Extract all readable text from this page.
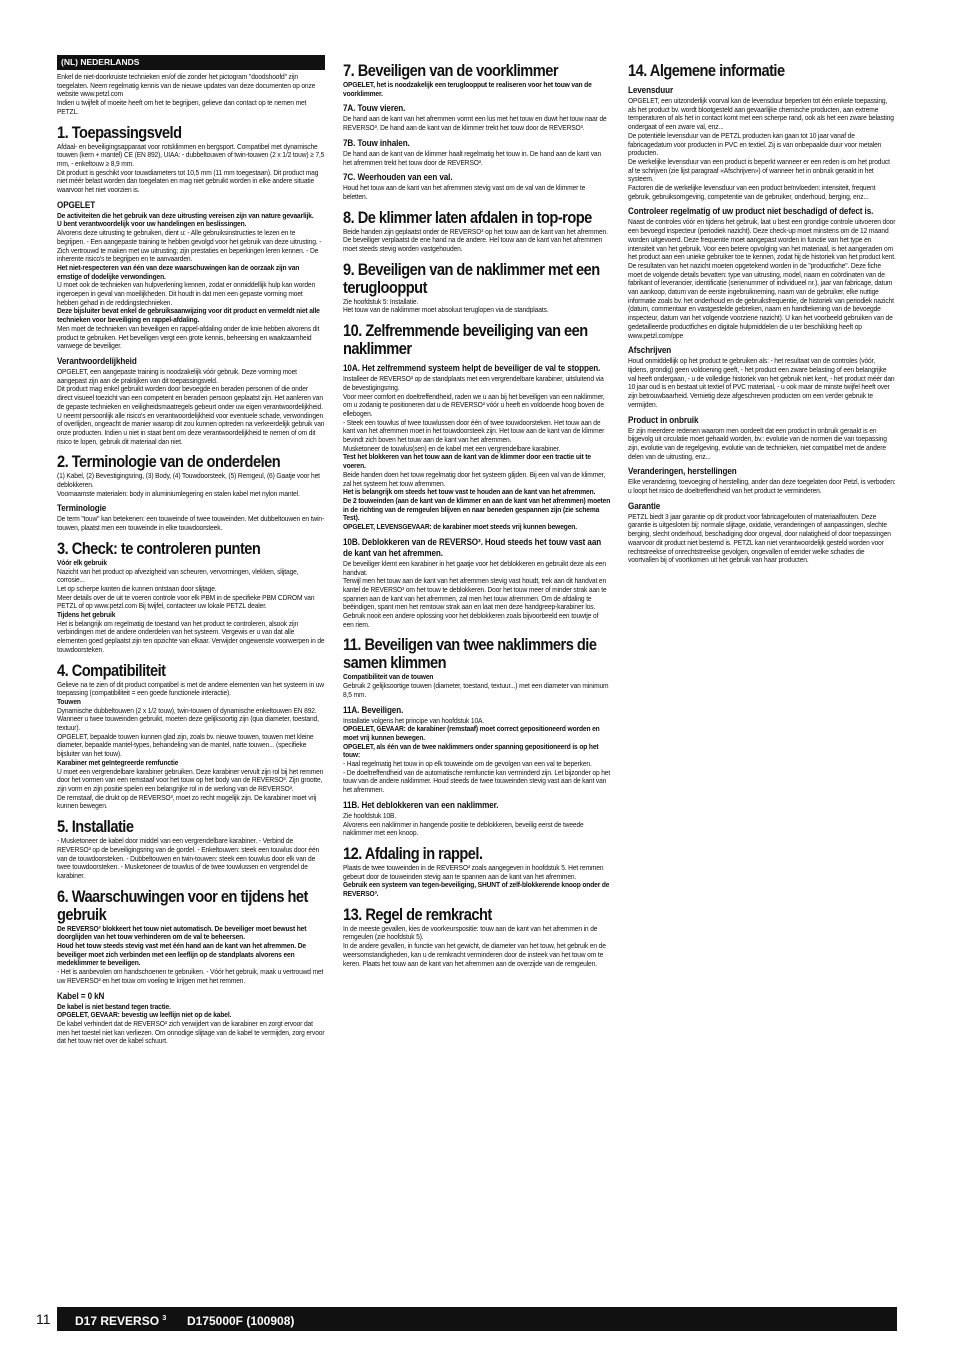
(NL) NEDERLANDS

Enkel de niet-doorkruiste technieken en/of die zonder het pictogram "doodshoofd" zijn toegelaten. Neem regelmatig kennis van de nieuwe updates van deze documenten op onze website www.petzl.com

Indien u twijfelt of moeite heeft om het te begrijpen, gelieve dan contact op te nemen met PETZL.

1. Toepassingsveld

Afdaal- en beveiligingsapparaat voor rotsklimmen en bergsport. Compatibel met dynamische touwen (kern + mantel) CE (EN 892), UIAA: - dubbeltouwen of twin-touwen (2 x 1/2 touw) ≥ 7,5 mm, - enkeltouw ≥ 8,9 mm.

Dit product is geschikt voor touwdiameters tot 10,5 mm (11 mm toegestaan). Dit product mag niet méér belast worden dan toegelaten en mag niet gebruikt worden in elke andere situatie waarvoor het niet voorzien is.

OPGELET

De activiteiten die het gebruik van deze uitrusting vereisen zijn van nature gevaarlijk.

U bent verantwoordelijk voor uw handelingen en beslissingen.

Alvorens deze uitrusting te gebruiken, dient u: - Alle gebruiksinstructies te lezen en te begrijpen. - Een aangepaste training te hebben gevolgd voor het gebruik van deze uitrusting. - Zich vertrouwd te maken met uw uitrusting; zijn prestaties en beperkingen leren kennen. - De inherente risico's te begrijpen en te aanvaarden.

Het niet-respecteren van één van deze waarschuwingen kan de oorzaak zijn van ernstige of dodelijke verwondingen.

U moet ook de technieken van hulpverlening kennen, zodat er onmiddellijk hulp kan worden ingeroepen in geval van moeilijkheden. Dit houdt in dat men een gepaste vorming moet hebben gehad in de reddingstechnieken.

Deze bijsluiter bevat enkel de gebruiksaanwijzing voor dit product en vermeldt niet alle technieken voor beveiliging en rappel-afdaling.

Men moet de technieken van beveiligen en rappel-afdaling onder de knie hebben alvorens dit product te gebruiken. Het beveiligen vergt een grote kennis, beheersing en waakzaamheid vanwege de beveiliger.

Verantwoordelijkheid

OPGELET, een aangepaste training is noodzakelijk vóór gebruik. Deze vorming moet aangepast zijn aan de praktijken van dit toepassingsveld.

Dit product mag enkel gebruikt worden door bevoegde en beraden personen of die onder direct visueel toezicht van een competent en beraden persoon geplaatst zijn. Het aanleren van de gepaste technieken en veiligheidsmaatregels gebeurt onder uw eigen verantwoordelijkheid.

U neemt persoonlijk alle risico's en verantwoordelijkheid voor eventuele schade, verwondingen of overlijden, ongeacht de manier waarop dit zou kunnen optreden na verkeerdelijk gebruik van onze producten. Indien u niet in staat bent om deze verantwoordelijkheid te nemen of om dit risico te lopen, gebruik dit materiaal dan niet.

2. Terminologie van de onderdelen

(1) Kabel, (2) Bevestigingsring, (3) Body, (4) Touwdoorsteek, (5) Remgeul, (6) Gaatje voor het deblokkeren.

Voornaamste materialen: body in aluminiumlegering en stalen kabel met nylon mantel.

Terminologie

De term "touw" kan betekenen: een touweinde of twee touweinden. Met dubbeltouwen en twin-touwen, plaatst men een touweinde in elke touwdoorsteek.

3. Check: te controleren punten

Vóór elk gebruik

Nazicht van het product op afvezigheid van scheuren, vervormingen, vlekken, slijtage, corrosie...

Let op scherpe kanten die kunnen ontstaan door slijtage.

Meer details over de uit te voeren controle voor elk PBM in de specifieke PBM CDROM van PETZL of op www.petzl.com Bij twijfel, contacteer uw lokale PETZL dealer.

Tijdens het gebruik

Het is belangrijk om regelmatig de toestand van het product te controleren, alsook zijn verbindingen met de andere onderdelen van het systeem. Vergewis er u van dat alle elementen goed geplaatst zijn ten opzichte van elkaar. Verwijder ongewenste voorwerpen in de touwdoorsteken.

4. Compatibiliteit

Gelieve na te zien of dit product compatibel is met de andere elementen van het systeem in uw toepassing (compatibiliteit = een goede functionele interactie).

Touwen

Dynamische dubbeltouwen (2 x 1/2 touw), twin-touwen of dynamische enkeltouwen EN 892.

Wanneer u twee touweinden gebruikt, moeten deze gelijksoortig zijn (qua diameter, toestand, textuur).

OPGELET, bepaalde touwen kunnen glad zijn, zoals bv. nieuwe touwen, touwen met kleine diameter, bepaalde mantel-types, behandeling van de mantel, natte touwen... (specifieke bijsluiter van het touw).

Karabiner met geïntegreerde remfunctie

U moet een vergrendelbare karabiner gebruiken. Deze karabiner vervult zijn rol bij het remmen door het vormen van een remstaaf voor het touw op het body van de REVERSO³. Zijn grootte, zijn vorm en zijn positie spelen een belangrijke rol in de werking van de REVERSO³.

De remstaaf, die drukt op de REVERSO³, moet zo recht mogelijk zijn. De karabiner moet vrij kunnen bewegen.

5. Installatie

- Musketoneer de kabel door middel van een vergrendelbare karabiner. - Verbind de REVERSO³ op de beveiligingsring van de gordel. - Enkeltouwen: steek een touwlus door één van de touwdoorsteken. - Dubbeltouwen en twin-touwen: steek een touwlus door elk van de twee touwdoorsteken. - Musketoneer de touwlus of de twee touwlussen en vergrendel de karabiner.

6. Waarschuwingen voor en tijdens het gebruik

De REVERSO³ blokkeert het touw niet automatisch. De beveiliger moet bewust het doorglijden van het touw verhinderen om de val te beheersen.

Houd het touw steeds stevig vast met één hand aan de kant van het afremmen. De beveiliger moet zich verbinden met een leeflijn op de standplaats alvorens een medeklimmer te beveiligen.

- Het is aanbevolen om handschoenen te gebruiken. - Vóór het gebruik, maak u vertrouwd met uw REVERSO³ en het touw om voeling te krijgen met het remmen.

Kabel = 0 kN

De kabel is niet bestand tegen tractie.

OPGELET, GEVAAR: bevestig uw leeflijn niet op de kabel.

De kabel verhindert dat de REVERSO³ zich verwijdert van de karabiner en zorgt ervoor dat men het toestel niet kan verliezen. Om onnodige slijtage van de kabel te vermijden, zorg ervoor dat het touw niet over de kabel schuurt.

7. Beveiligen van de voorklimmer

OPGELET, het is noodzakelijk een terugloopput te realiseren voor het touw van de voorklimmer.

7A. Touw vieren.

De hand aan de kant van het afremmen vormt een lus met het touw en duwt het touw naar de REVERSO³. De hand aan de kant van de klimmer trekt het touw door de REVERSO³.

7B. Touw inhalen.

De hand aan de kant van de klimmer haalt regelmatig het touw in. De hand aan de kant van het afremmen trekt het touw door de REVERSO³.

7C. Weerhouden van een val.

Houd het touw aan de kant van het afremmen stevig vast om de val van de klimmer te beletten.

8. De klimmer laten afdalen in top-rope

Beide handen zijn geplaatst onder de REVERSO³ op het touw aan de kant van het afremmen. De beveiliger verplaatst de ene hand na de andere. Hel touw aan de kant van het afremmen moet steeds stevig worden vastgehouden.

9. Beveiligen van de naklimmer met een terugloopput

Zie hoofdstuk 5: Installatie.

Het touw van de naklimmer moet absoluut teruglopen via de standplaats.

10. Zelfremmende beveiliging van een naklimmer
10A. Het zelfremmend systeem helpt de beveiliger de val te stoppen.

Installeer de REVERSO³ op de standplaats met een vergrendelbare karabiner, uitsluitend via de bevestigingsring.

Voor meer comfort en doeltreffendheid, raden we u aan bij het beveiligen van een naklimmer, om u zodanig te positioneren dat u de REVERSO³ vóór u heeft en voldoende hoog boven de ellebogen.

- Steek een touwlus of twee touwlussen door één of twee touwdoorsteken. Het touw aan de kant van het afremmen moet in het touwdoorsteek zijn. Het touw aan de kant van de klimmer bevindt zich boven het touw aan de kant van het afremmen.

Musketoneer de touwlus(sen) en de kabel met een vergrendelbare karabiner.

Test het blokkeren van het touw aan de kant van de klimmer door een tractie uit te voeren.

Beide handen doen het touw regelmatig door het systeem glijden. Bij een val van de klimmer, zal het systeem het touw afremmen.

Het is belangrijk om steeds het touw vast te houden aan de kant van het afremmen.

De 2 touweinden (aan de kant van de klimmer en aan de kant van het afremmen) moeten in de richting van de remgeulen blijven en naar beneden gespannen zijn (zie schema Test).

OPGELET, LEVENSGEVAAR: de karabiner moet steeds vrij kunnen bewegen.

10B. Deblokkeren van de REVERSO³. Houd steeds het touw vast aan de kant van het afremmen.

De beveiliger klemt een karabiner in het gaatje voor het deblokkeren en gebruikt deze als een handvat.

Terwijl men het touw aan de kant van het afremmen stevig vast houdt, trek aan dit handvat en kantel de REVERSO³ om het touw te deblokkeren. Door het touw meer of minder strak aan te spannen aan de kant van het afremmen, zal men het touw afremmen. Om de afdaling te beëindigen, spant men het remtouw strak aan en laat men deze handgreep-karabiner los.

Gebruik nooit een andere oplossing voor het deblokkeren zoals bijvoorbeeld een touwtje of een riem.

11. Beveiligen van twee naklimmers die samen klimmen

Compatibiliteit van de touwen

Gebruik 2 gelijksoortige touwen (diameter, toestand, textuur...) met een diameter van minimum 8,5 mm.

11A. Beveiligen.

Installatie volgens het principe van hoofdstuk 10A.

OPGELET, GEVAAR: de karabiner (remstaaf) moet correct gepositioneerd worden en moet vrij kunnen bewegen.

OPGELET, als één van de twee naklimmers onder spanning gepositioneerd is op het touw:

- Haal regelmatig het touw in op elk touweinde om de gevolgen van een val te beperken.

- De doeltreffendheid van de automatische remfunctie kan verminderd zijn. Let bijzonder op het touw van de andere naklimmer. Houd steeds de twee touweinden stevig vast aan de kant van het afremmen.

11B. Het deblokkeren van een naklimmer.

Zie hoofdstuk 10B.

Alvorens een naklimmer in hangende positie te deblokkeren, beveilig eerst de tweede naklimmer met een knoop.

12. Afdaling in rappel.

Plaats de twee touweinden in de REVERSO³ zoals aangegeven in hoofdstuk 5. Het remmen gebeurt door de touweinden stevig aan te spannen aan de kant van het afremmen.

Gebruik een systeem van tegen-beveiliging, SHUNT of zelf-blokkerende knoop onder de REVERSO³.

13. Regel de remkracht

In de meeste gevallen, kies de voorkeurspositie: touw aan de kant van het afremmen in de remgeulen (zie hoofdstuk 5).

In de andere gevallen, in functie van het gewicht, de diameter van het touw, het gebruik en de weersomstandigheden, kan u de remkracht verminderen door de insteek van het touw om te keren. Plaats het touw aan de kant van het afremmen aan de overzijde van de remgeulen.

14. Algemene informatie
Levensduur

OPGELET, een uitzonderlijk voorval kan de levensduur beperken tot één enkele toepassing, als het product bv. wordt blootgesteld aan gevaarlijke chemische producten, aan extreme temperaturen of als het in contact komt met een scherpe rand, ook als het een zware belasting ondergaat of een zware val, enz...

De potentiële levensduur van de PETZL producten kan gaan tot 10 jaar vanaf de fabricagedatum voor producten in PVC en textiel. Zij is van onbepaalde duur voor metalen producten.

De werkelijke levensduur van een product is beperkt wanneer er een reden is om het product af te schrijven (zie lijst paragraaf «Afschrijven») of wanneer het in onbruik geraakt in het systeem.

Factoren die de werkelijke levensduur van een product beïnvloeden: intensiteit, frequent gebruik, gebruiksomgeving, competentie van de gebruiker, onderhoud, berging, enz...

Controleer regelmatig of uw product niet beschadigd of defect is.

Naast de controles vóór en tijdens het gebruik, laat u best een grondige controle uitvoeren door een bevoegd inspecteur (periodiek nazicht). Deze check-up moet minstens om de 12 maand worden uitgevoerd. Deze frequentie moet aangepast worden in functie van het type en intensiteit van het gebruik. Voor een betere opvolging van het materiaal, is het aangeraden om het product aan een unieke gebruiker toe te kennen, zodat hij de historiek van het product kent. De resultaten van het nazicht moeten opgetekend worden in de "productfiche". Deze fiche moet de volgende details bevatten: type van uitrusting, model, naam en coördinaten van de fabrikant of leverancier, identificatie (serienummer of individueel nr.), jaar van fabricage, datum van aankoop, datum van de eerste ingebruikneming, naam van de gebruiker, elke nuttige informatie zoals bv. het onderhoud en de gebruiksfrequentie, de historiek van periodiek nazicht (datum, commentaar en vastgestelde gebreken, naam en handtekening van de bevoegde inspecteur, datum van het volgende voorziene nazicht). U kan het voorbeeld gebruiken van de gedetailleerde productfiches en digitale hulpmiddelen die u ter beschikking heeft op www.petzl.com/ppe

Afschrijven

Houd onmiddellijk op het product te gebruiken als: - het resultaat van de controles (vóór, tijdens, grondig) geen voldoening geeft, - het product een zware belasting of een belangrijke val heeft ondergaan, - u de volledige historiek van het gebruik niet kent, - het product méér dan 10 jaar oud is en bestaat uit textiel of PVC materiaal, - u ook maar de minste twijfel heeft over zijn betrouwbaarheid. Vernietig deze afgeschreven producten om een verder gebruik te vermijden.

Product in onbruik

Er zijn meerdere redenen waarom men oordeelt dat een product in onbruik geraakt is en bijgevolg uit circulatie moet gehaald worden, bv.: evolutie van de normen die van toepassing zijn, evolutie van de regelgeving, evolutie van de technieken, niet compatibel met de andere delen van de uitrusting, enz...

Veranderingen, herstellingen

Elke verandering, toevoeging of herstelling, ander dan deze toegelaten door Petzl, is verboden: u loopt het risico de doeltreffendheid van het product te verminderen.

Garantie

PETZL biedt 3 jaar garantie op dit product voor fabricagefouten of materiaalfouten. Deze garantie is uitgesloten bij: normale slijtage, oxidatie, veranderingen of aanpassingen, slechte berging, slecht onderhoud, beschadiging door ongeval, door nalatigheid of door toepassingen waarvoor dit product niet bestemd is. PETZL kan niet verantwoordelijk gesteld worden voor rechtstreekse of onrechtstreekse gevolgen, ongevallen of eender welke schades die voortvallen bij of voortkomen uit het gebruik van haar producten.

11	D17 REVERSO $^3$ D175000F (100908)
